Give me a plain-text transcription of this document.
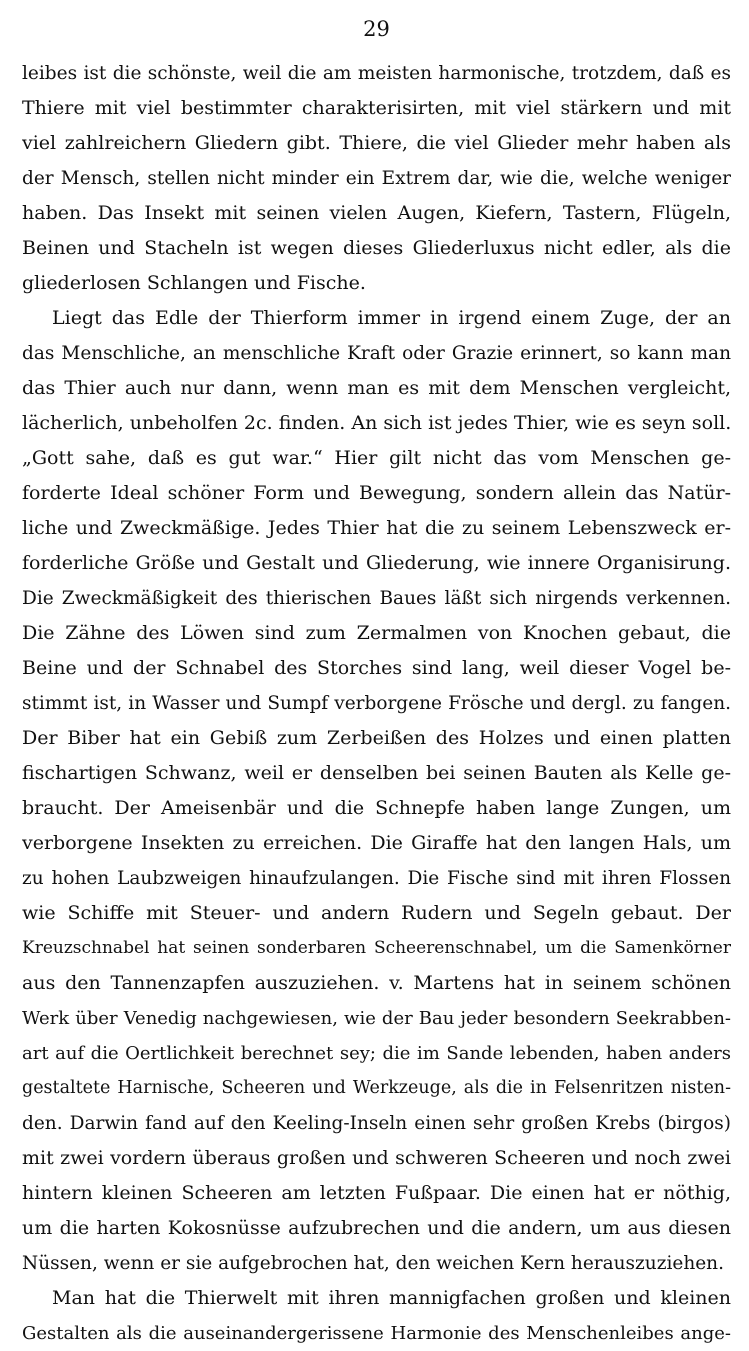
29
leibes ist die schönste, weil die am meisten harmonische, trotzdem, daß es
Thiere mit viel bestimmter charakterisirten, mit viel stärkern und mit
viel zahlreichern Gliedern gibt. Thiere, die viel Glieder mehr haben als
der Mensch, stellen nicht minder ein Extrem dar, wie die, welche weniger
haben. Das Insekt mit seinen vielen Augen, Kiefern, Tastern, Flügeln,
Beinen und Stacheln ist wegen dieses Gliederluxus nicht edler, als die
gliederlosen Schlangen und Fische.
Liegt das Edle der Thierform immer in irgend einem Zuge, der an
das Menschliche, an menschliche Kraft oder Grazie erinnert, so kann man
das Thier auch nur dann, wenn man es mit dem Menschen vergleicht,
lächerlich, unbeholfen 2c. finden. An sich ist jedes Thier, wie es seyn soll.
„Gott sahe, daß es gut war.“ Hier gilt nicht das vom Menschen ge-
forderte Ideal schöner Form und Bewegung, sondern allein das Natür-
liche und Zweckmäßige. Jedes Thier hat die zu seinem Lebenszweck er-
forderliche Größe und Gestalt und Gliederung, wie innere Organisirung.
Die Zweckmäßigkeit des thierischen Baues läßt sich nirgends verkennen.
Die Zähne des Löwen sind zum Zermalmen von Knochen gebaut, die
Beine und der Schnabel des Storches sind lang, weil dieser Vogel be-
stimmt ist, in Wasser und Sumpf verborgene Frösche und dergl. zu fangen.
Der Biber hat ein Gebiß zum Zerbeißen des Holzes und einen platten
fischartigen Schwanz, weil er denselben bei seinen Bauten als Kelle ge-
braucht. Der Ameisenbär und die Schnepfe haben lange Zungen, um
verborgene Insekten zu erreichen. Die Giraffe hat den langen Hals, um
zu hohen Laubzweigen hinaufzulangen. Die Fische sind mit ihren Flossen
wie Schiffe mit Steuer- und andern Rudern und Segeln gebaut. Der
Kreuzschnabel hat seinen sonderbaren Scheerenschnabel, um die Samenkörner
aus den Tannenzapfen auszuziehen. v. Martens hat in seinem schönen
Werk über Venedig nachgewiesen, wie der Bau jeder besondern Seekrabben-
art auf die Oertlichkeit berechnet sey; die im Sande lebenden, haben anders
gestaltete Harnische, Scheeren und Werkzeuge, als die in Felsenritzen nisten-
den. Darwin fand auf den Keeling-Inseln einen sehr großen Krebs (birgos)
mit zwei vordern überaus großen und schweren Scheeren und noch zwei
hintern kleinen Scheeren am letzten Fußpaar. Die einen hat er nöthig,
um die harten Kokosnüsse aufzubrechen und die andern, um aus diesen
Nüssen, wenn er sie aufgebrochen hat, den weichen Kern herauszuziehen.
Man hat die Thierwelt mit ihren mannigfachen großen und kleinen
Gestalten als die auseinandergerissene Harmonie des Menschenleibes ange-
